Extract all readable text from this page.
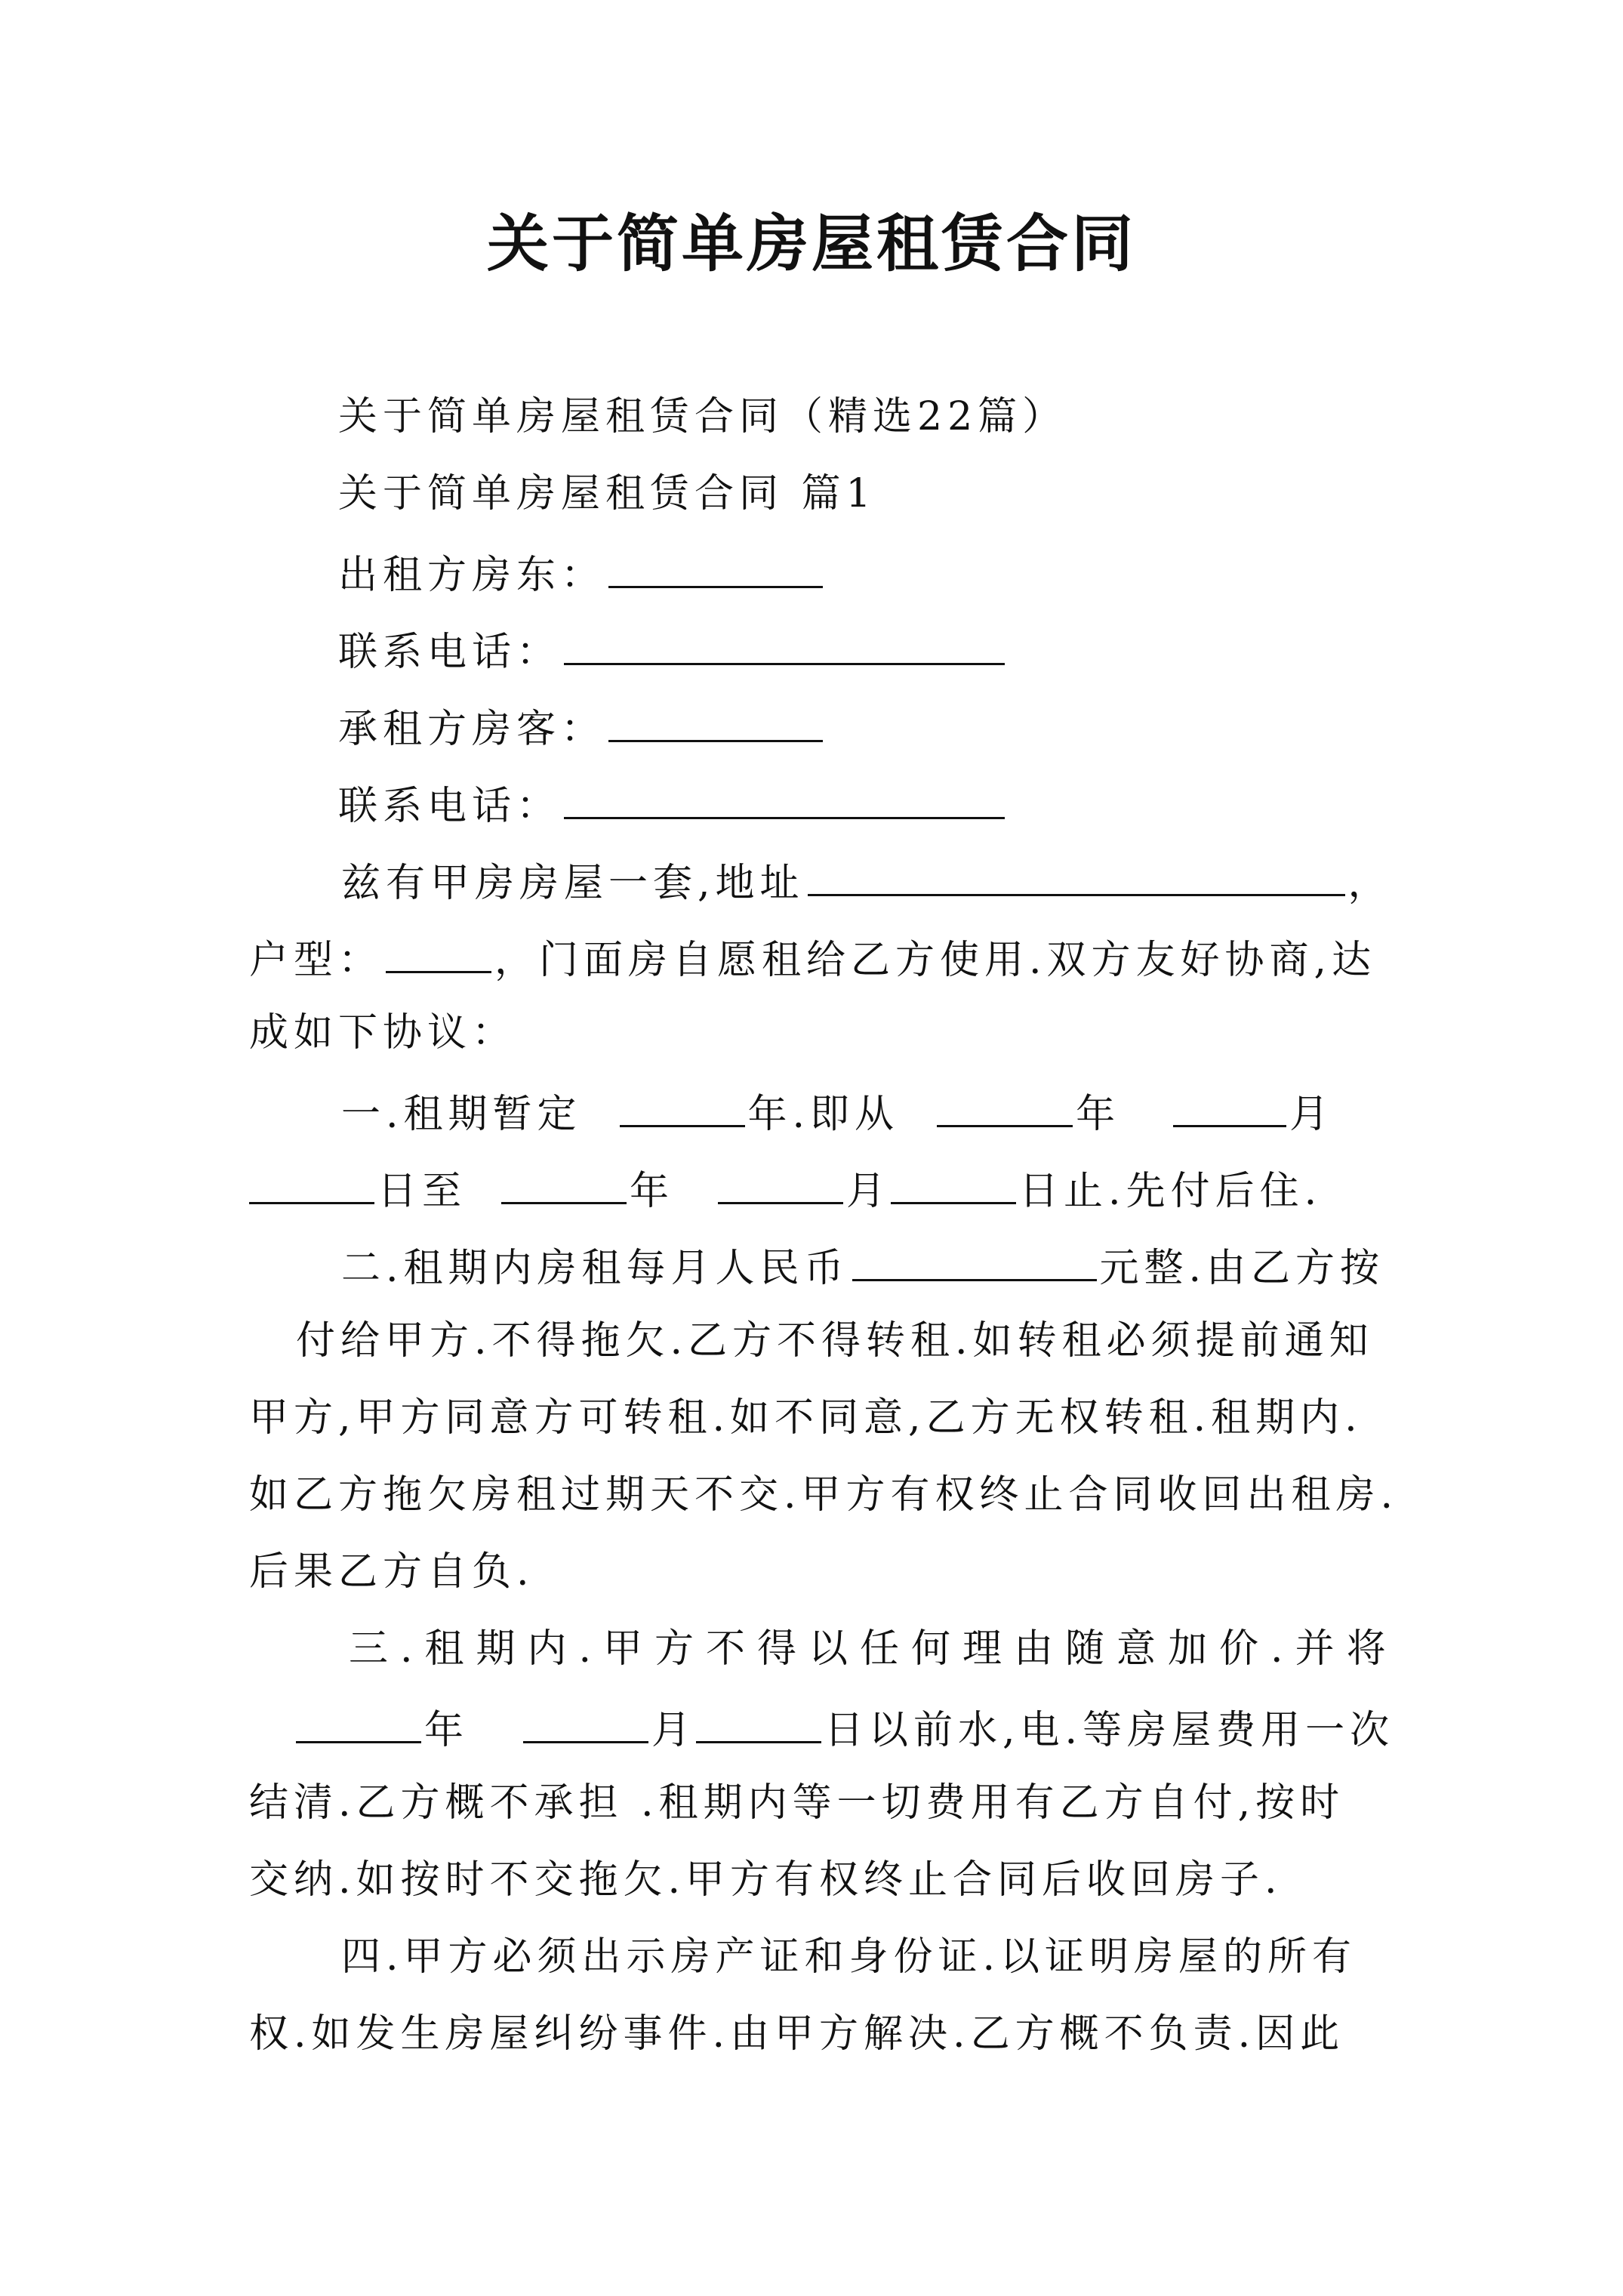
关于简单房屋租赁合同
关于简单房屋租赁合同（精选22篇）
关于简单房屋租赁合同 篇1
出租方房东：
联系电话：
承租方房客：
联系电话：
兹有甲房房屋一套,地址	，
户型：	，门面房自愿租给乙方使用.双方友好协商,达
成如下协议：
一.租期暂定	年.即从	年	月
日至	年	月	日止.先付后住.
二.租期内房租每月人民币	元整.由乙方按
付给甲方.不得拖欠.乙方不得转租.如转租必须提前通知
甲方,甲方同意方可转租.如不同意,乙方无权转租.租期内.
如乙方拖欠房租过期天不交.甲方有权终止合同收回出租房.
后果乙方自负.
三.租期内.甲方不得以任何理由随意加价.并将
年	月	日以前水,电.等房屋费用一次
结清.乙方概不承担 .租期内等一切费用有乙方自付,按时
交纳.如按时不交拖欠.甲方有权终止合同后收回房子.
四.甲方必须出示房产证和身份证.以证明房屋的所有
权.如发生房屋纠纷事件.由甲方解决.乙方概不负责.因此
